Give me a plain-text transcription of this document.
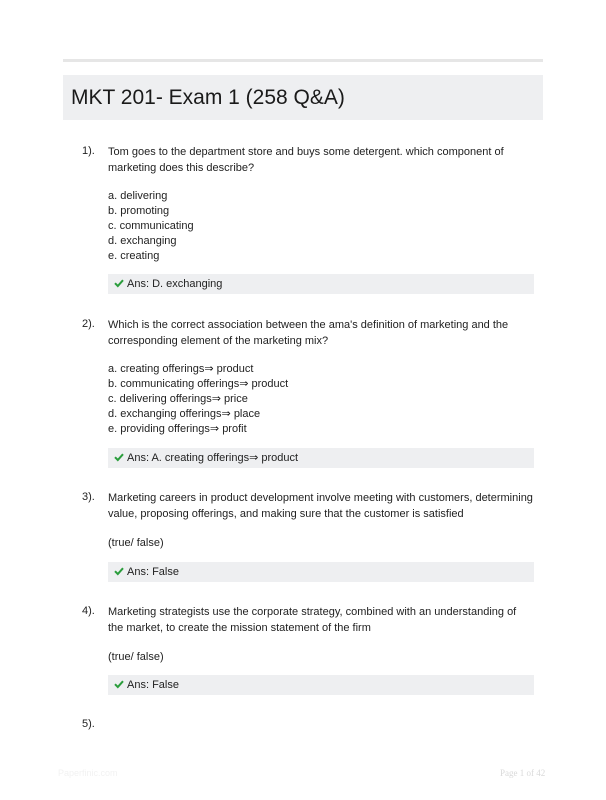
MKT 201- Exam 1 (258 Q&A)
1). Tom goes to the department store and buys some detergent. which component of marketing does this describe?
a. delivering
b. promoting
c. communicating
d. exchanging
e. creating
Ans: D. exchanging
2). Which is the correct association between the ama's definition of marketing and the corresponding element of the marketing mix?
a. creating offerings⇒ product
b. communicating offerings⇒ product
c. delivering offerings⇒ price
d. exchanging offerings⇒ place
e. providing offerings⇒ profit
Ans: A. creating offerings⇒ product
3). Marketing careers in product development involve meeting with customers, determining value, proposing offerings, and making sure that the customer is satisfied
(true/ false)
Ans: False
4). Marketing strategists use the corporate strategy, combined with an understanding of the market, to create the mission statement of the firm
(true/ false)
Ans: False
5).
Paperfinic.com	Page 1 of 42
